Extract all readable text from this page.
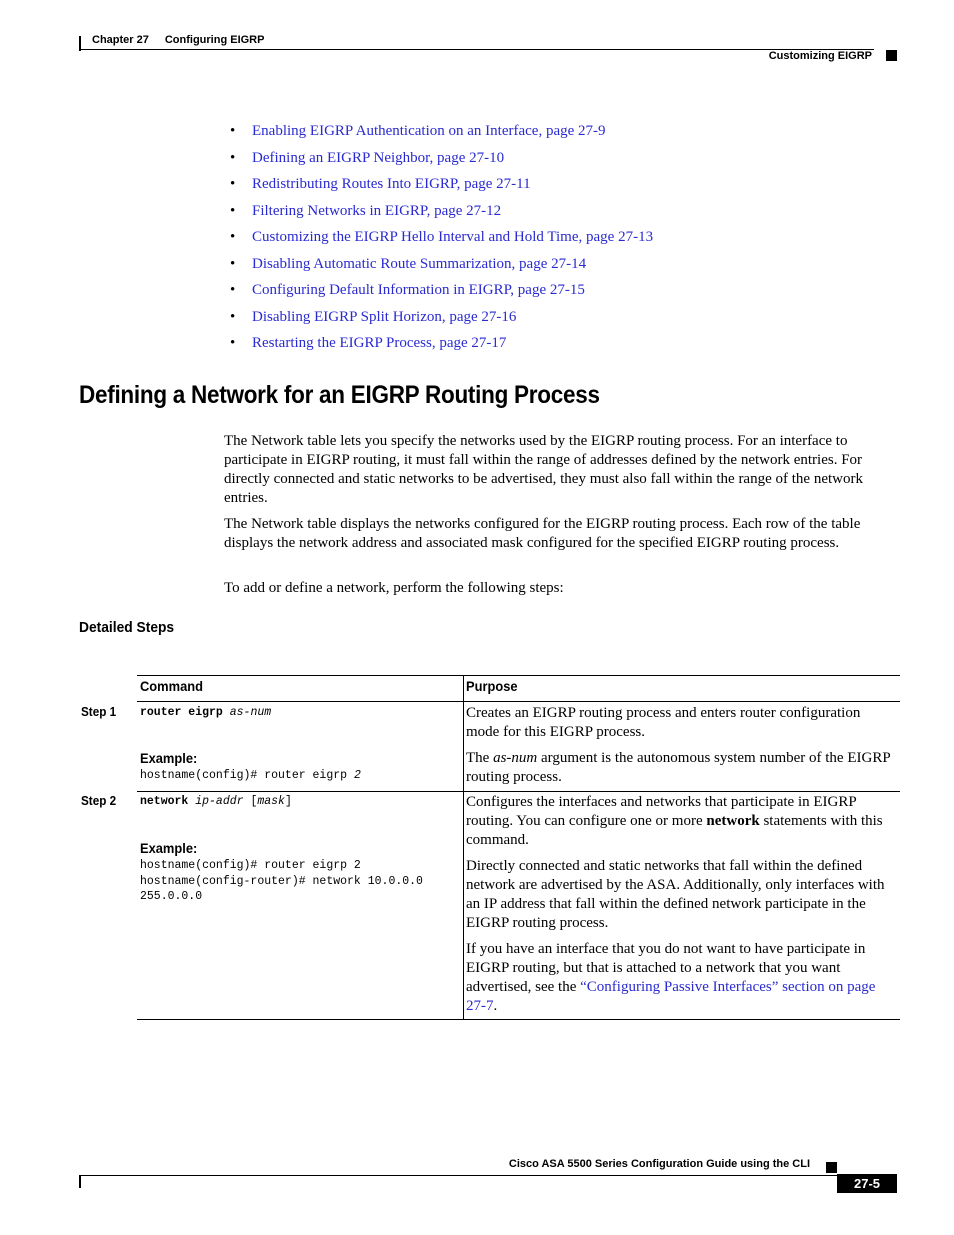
Chapter 27 Configuring EIGRP
Customizing EIGRP
• Enabling EIGRP Authentication on an Interface, page 27-9
• Defining an EIGRP Neighbor, page 27-10
• Redistributing Routes Into EIGRP, page 27-11
• Filtering Networks in EIGRP, page 27-12
• Customizing the EIGRP Hello Interval and Hold Time, page 27-13
• Disabling Automatic Route Summarization, page 27-14
• Configuring Default Information in EIGRP, page 27-15
• Disabling EIGRP Split Horizon, page 27-16
• Restarting the EIGRP Process, page 27-17
Defining a Network for an EIGRP Routing Process

The Network table lets you specify the networks used by the EIGRP routing process. For an interface to participate in EIGRP routing, it must fall within the range of addresses defined by the network entries. For directly connected and static networks to be advertised, they must also fall within the range of the network entries.

The Network table displays the networks configured for the EIGRP routing process. Each row of the table displays the network address and associated mask configured for the specified EIGRP routing process.

To add or define a network, perform the following steps:

Detailed Steps
Command	Purpose
Step 1 router eigrp as-num
Example:
hostname(config)# router eigrp 2

Creates an EIGRP routing process and enters router configuration mode for this EIGRP process.

The as-num argument is the autonomous system number of the EIGRP routing process.

Step 2 network ip-addr [mask]
Example:
hostname(config)# router eigrp 2
hostname(config-router)# network 10.0.0.0
255.0.0.0

Configures the interfaces and networks that participate in EIGRP routing. You can configure one or more network statements with this command.

Directly connected and static networks that fall within the defined network are advertised by the ASA. Additionally, only interfaces with an IP address that fall within the defined network participate in the EIGRP routing process.

If you have an interface that you do not want to have participate in EIGRP routing, but that is attached to a network that you want advertised, see the “Configuring Passive Interfaces” section on page 27-7.

Cisco ASA 5500 Series Configuration Guide using the CLI
27-5
